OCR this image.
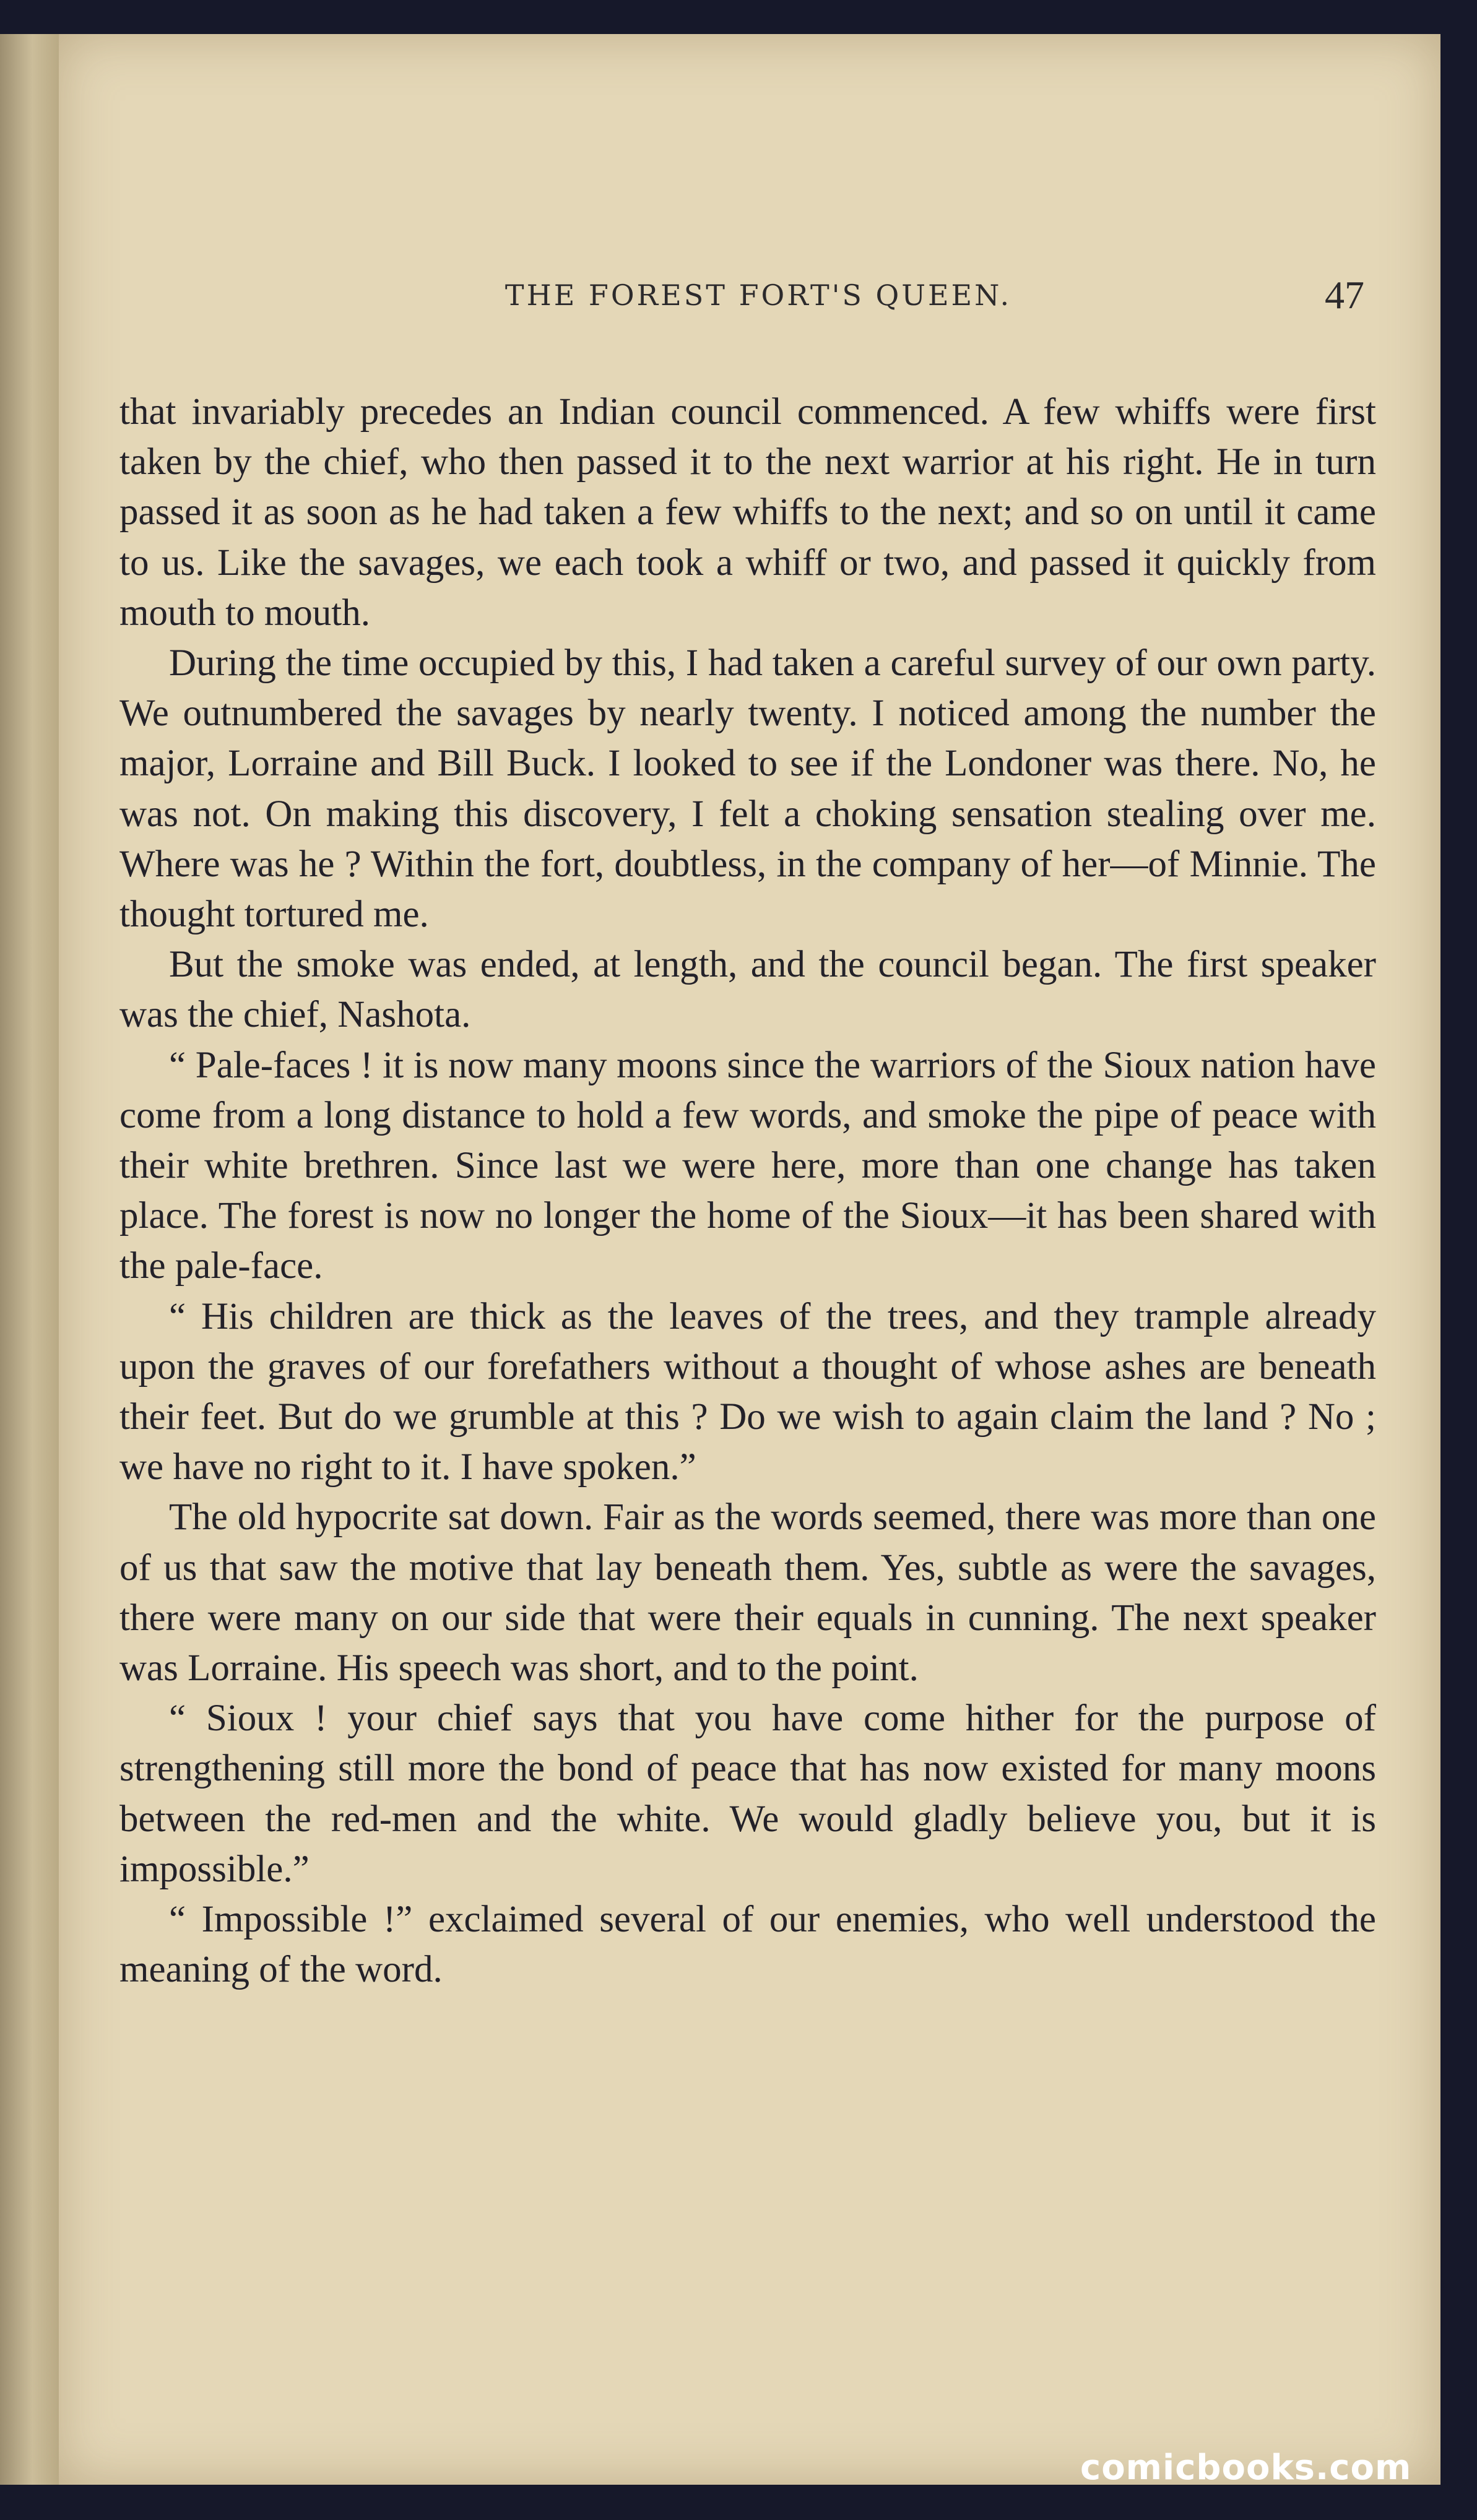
THE FOREST FORT'S QUEEN.	47

that invariably precedes an Indian council commenced. A few whiffs were first taken by the chief, who then passed it to the next warrior at his right. He in turn passed it as soon as he had taken a few whiffs to the next; and so on until it came to us. Like the savages, we each took a whiff or two, and passed it quickly from mouth to mouth.

During the time occupied by this, I had taken a careful survey of our own party. We outnumbered the savages by nearly twenty. I noticed among the number the major, Lorraine and Bill Buck. I looked to see if the Londoner was there. No, he was not. On making this discovery, I felt a choking sensation stealing over me. Where was he ? Within the fort, doubtless, in the company of her—of Minnie. The thought tortured me.

But the smoke was ended, at length, and the council began. The first speaker was the chief, Nashota.

“ Pale-faces ! it is now many moons since the warriors of the Sioux nation have come from a long distance to hold a few words, and smoke the pipe of peace with their white brethren. Since last we were here, more than one change has taken place. The forest is now no longer the home of the Sioux—it has been shared with the pale-face.

“ His children are thick as the leaves of the trees, and they trample already upon the graves of our forefathers without a thought of whose ashes are beneath their feet. But do we grumble at this ? Do we wish to again claim the land ? No ; we have no right to it. I have spoken.”

The old hypocrite sat down. Fair as the words seemed, there was more than one of us that saw the motive that lay beneath them. Yes, subtle as were the savages, there were many on our side that were their equals in cunning. The next speaker was Lorraine. His speech was short, and to the point.

“ Sioux ! your chief says that you have come hither for the purpose of strengthening still more the bond of peace that has now existed for many moons between the red-men and the white. We would gladly believe you, but it is impossible.”

“ Impossible !” exclaimed several of our enemies, who well understood the meaning of the word.

comicbooks.com
